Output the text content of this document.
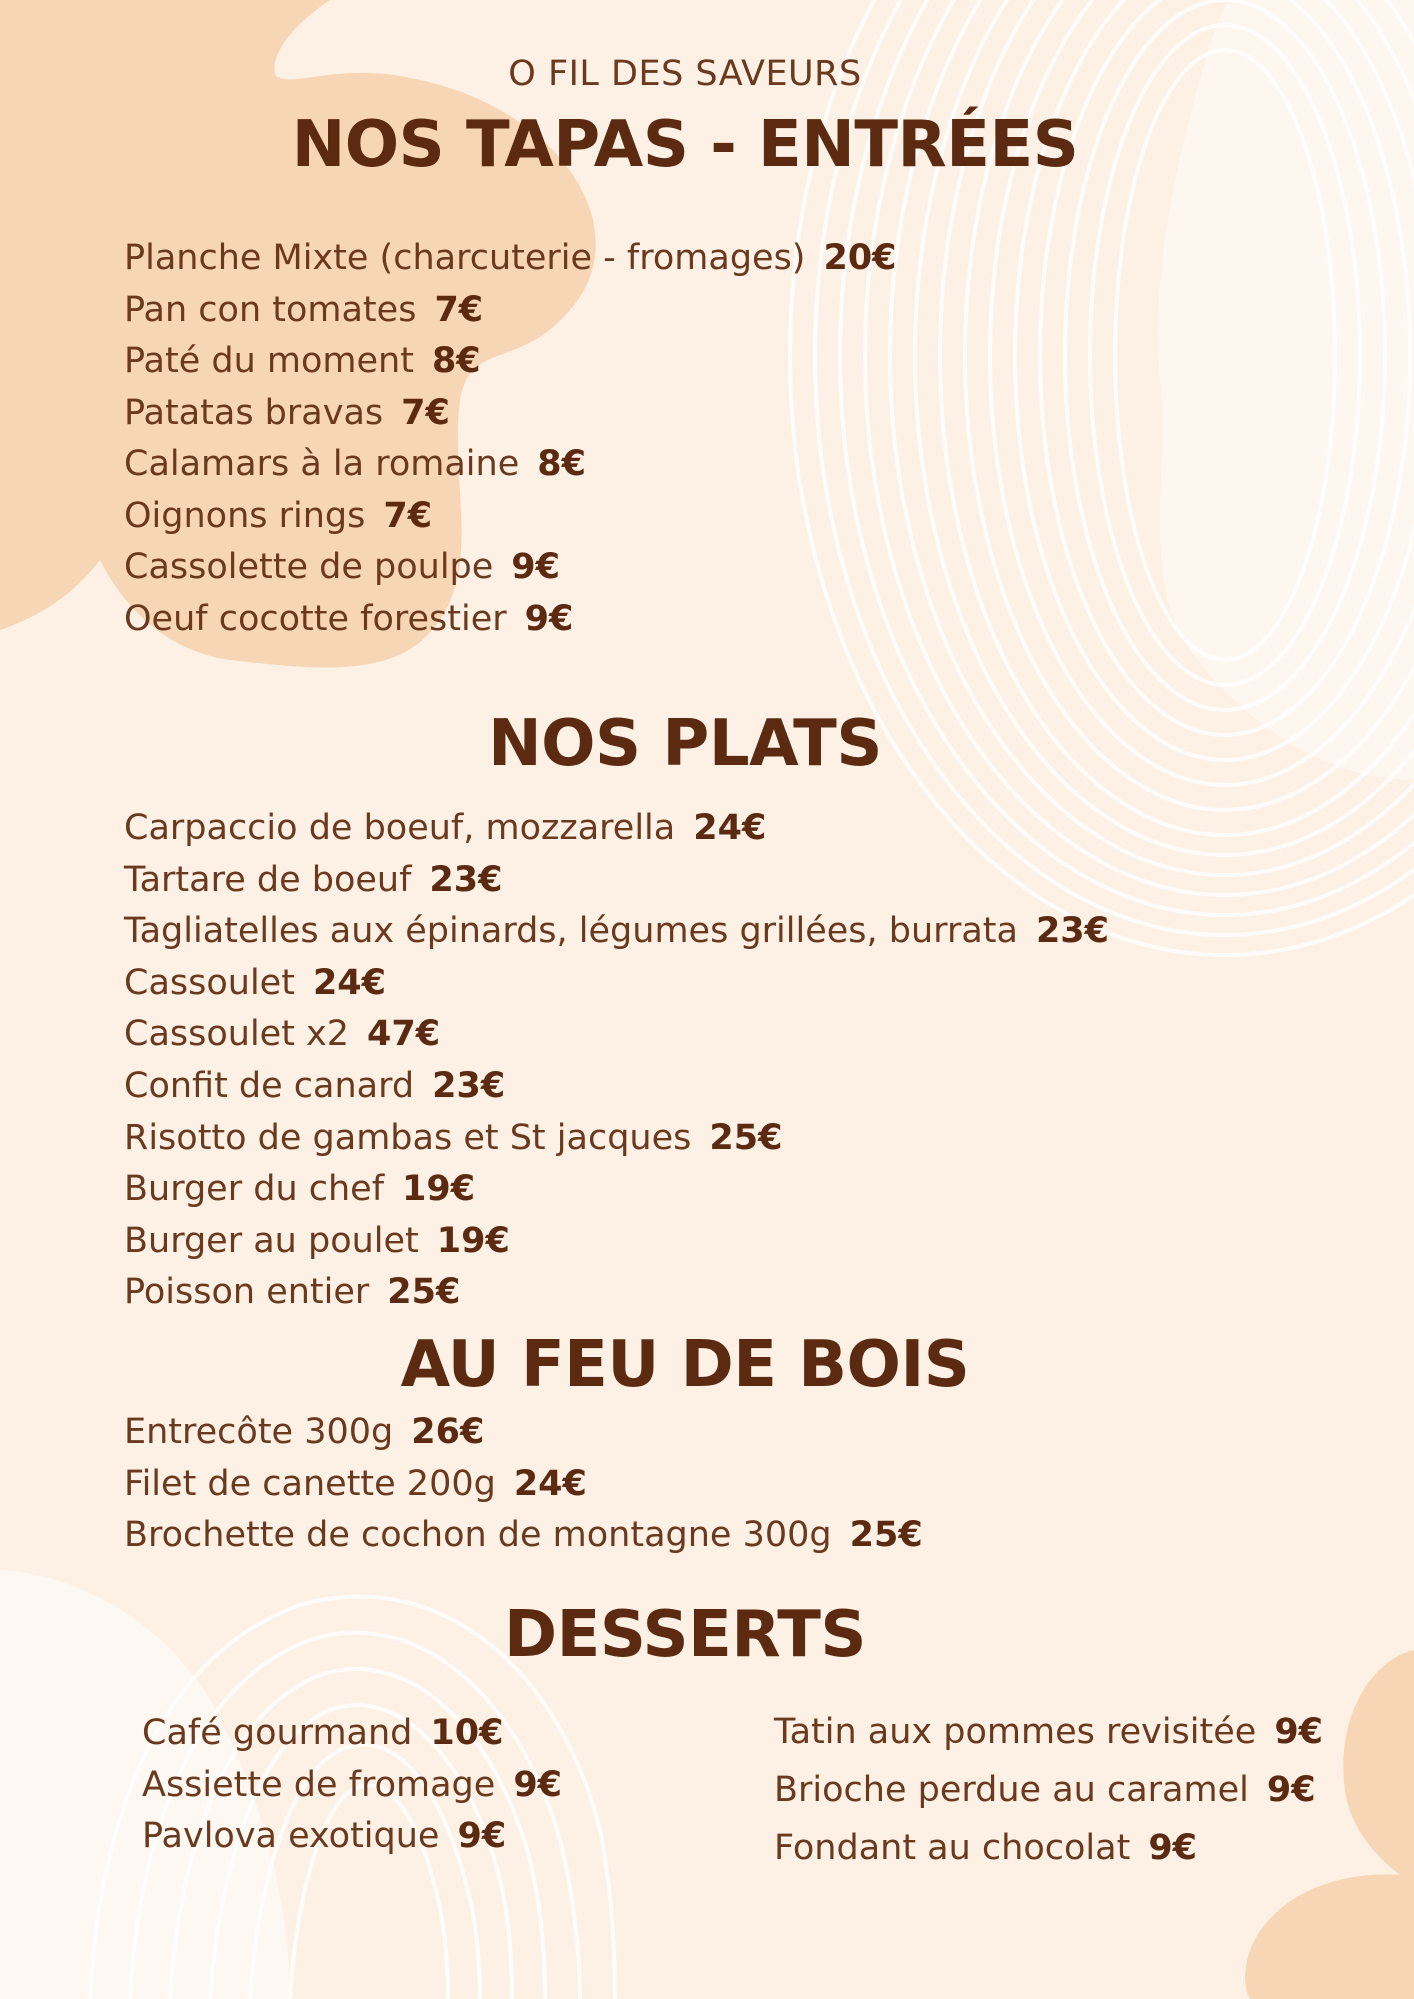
O FIL DES SAVEURS
NOS TAPAS - ENTRÉES
Planche Mixte (charcuterie - fromages) 20€
Pan con tomates 7€
Paté du moment 8€
Patatas bravas 7€
Calamars à la romaine 8€
Oignons rings 7€
Cassolette de poulpe 9€
Oeuf cocotte forestier 9€
NOS PLATS
Carpaccio de boeuf, mozzarella 24€
Tartare de boeuf 23€
Tagliatelles aux épinards, légumes grillées, burrata 23€
Cassoulet 24€
Cassoulet x2 47€
Confit de canard 23€
Risotto de gambas et St jacques 25€
Burger du chef 19€
Burger au poulet 19€
Poisson entier 25€
AU FEU DE BOIS
Entrecôte 300g 26€
Filet de canette 200g 24€
Brochette de cochon de montagne 300g 25€
DESSERTS
Café gourmand 10€
Assiette de fromage 9€
Pavlova exotique 9€
Tatin aux pommes revisitée 9€
Brioche perdue au caramel 9€
Fondant au chocolat 9€
